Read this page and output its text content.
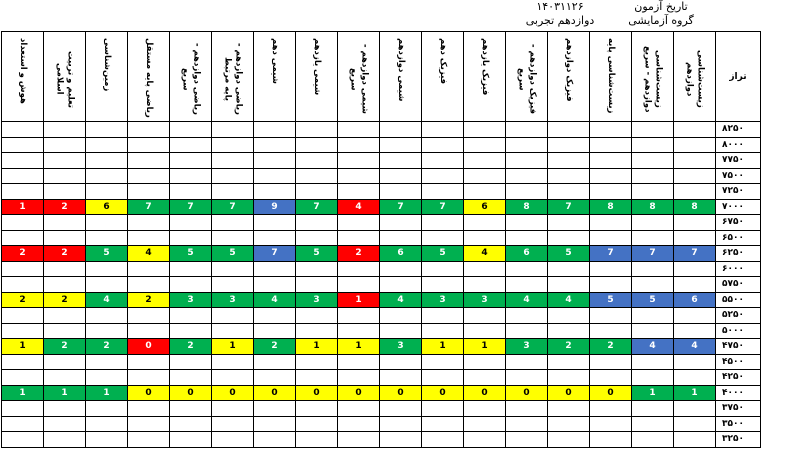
تاریخ آزمون
گروه آزمایشی
۱۴۰۳۱۱۲۶
دوازدهم تجربی
هوش و استعداد	تعلیم و تربیت اسلامی	زمین‌شناسی	ریاضی پایه مستقل	ریاضی دوازدهم - سریع	ریاضی دوازدهم - پایه مرتبط	شیمی دهم	شیمی یازدهم	شیمی دوازدهم - سریع	شیمی دوازدهم	فیزیک دهم	فیزیک یازدهم	فیزیک دوازدهم - سریع	فیزیک دوازدهم	زیست‌شناسی پایه	زیست‌شناسی دوازدهم - سریع	زیست‌شناسی دوازدهم	تراز
																	۸۲۵۰
																	۸۰۰۰
																	۷۷۵۰
																	۷۵۰۰
																	۷۲۵۰
1	2	6	7	7	7	9	7	4	7	7	6	8	7	8	8	8	۷۰۰۰
																	۶۷۵۰
																	۶۵۰۰
2	2	5	4	5	5	7	5	2	6	5	4	6	5	7	7	7	۶۲۵۰
																	۶۰۰۰
																	۵۷۵۰
2	2	4	2	3	3	4	3	1	4	3	3	4	4	5	5	6	۵۵۰۰
																	۵۲۵۰
																	۵۰۰۰
1	2	2	0	2	1	2	1	1	3	1	1	3	2	2	4	4	۴۷۵۰
																	۴۵۰۰
																	۴۲۵۰
1	1	1	0	0	0	0	0	0	0	0	0	0	0	0	1	1	۴۰۰۰
																	۳۷۵۰
																	۳۵۰۰
																	۳۲۵۰
